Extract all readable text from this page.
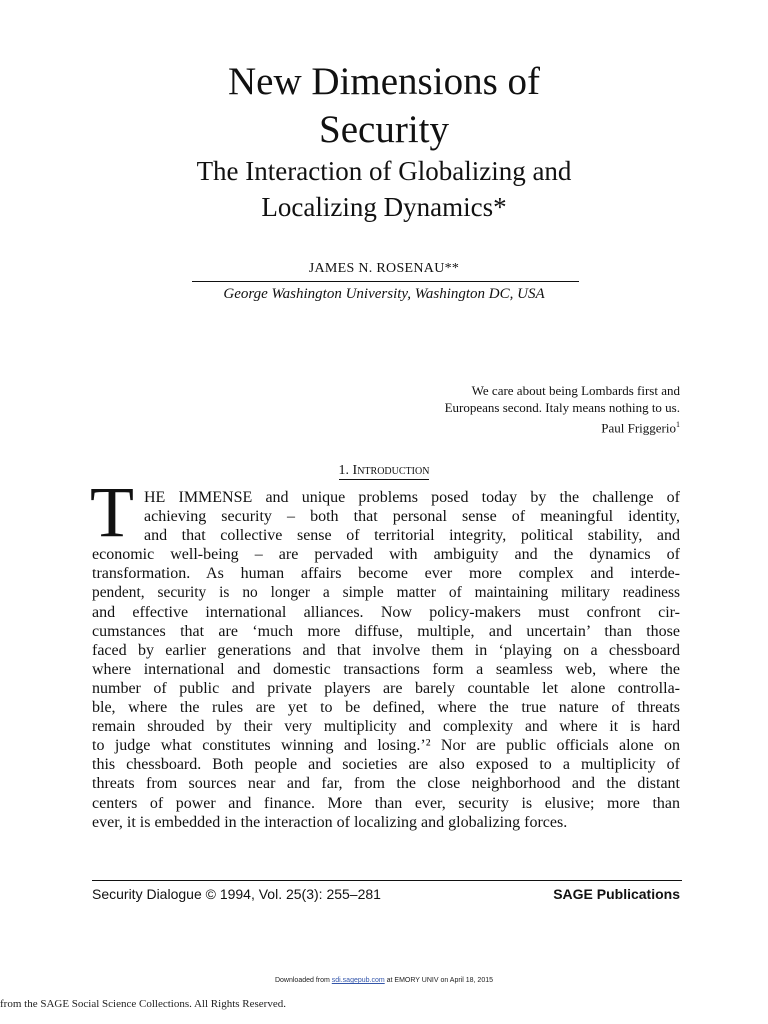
New Dimensions of
Security
The Interaction of Globalizing and
Localizing Dynamics*
JAMES N. ROSENAU**
George Washington University, Washington DC, USA
We care about being Lombards first and
Europeans second. Italy means nothing to us.
Paul Friggerio$^1$
1. Introduction
T HE IMMENSE and unique problems posed today by the challenge of
achieving security – both that personal sense of meaningful identity,
and that collective sense of territorial integrity, political stability, and
economic well-being – are pervaded with ambiguity and the dynamics of
transformation. As human affairs become ever more complex and interde-
pendent, security is no longer a simple matter of maintaining military readiness
and effective international alliances. Now policy-makers must confront cir-
cumstances that are ‘much more diffuse, multiple, and uncertain’ than those
faced by earlier generations and that involve them in ‘playing on a chessboard
where international and domestic transactions form a seamless web, where the
number of public and private players are barely countable let alone controlla-
ble, where the rules are yet to be defined, where the true nature of threats
remain shrouded by their very multiplicity and complexity and where it is hard
to judge what constitutes winning and losing.’² Nor are public officials alone on
this chessboard. Both people and societies are also exposed to a multiplicity of
threats from sources near and far, from the close neighborhood and the distant
centers of power and finance. More than ever, security is elusive; more than
ever, it is embedded in the interaction of localizing and globalizing forces.
Security Dialogue © 1994, Vol. 25(3): 255–281	SAGE Publications
Downloaded from sdi.sagepub.com at EMORY UNIV on April 18, 2015
from the SAGE Social Science Collections. All Rights Reserved.
